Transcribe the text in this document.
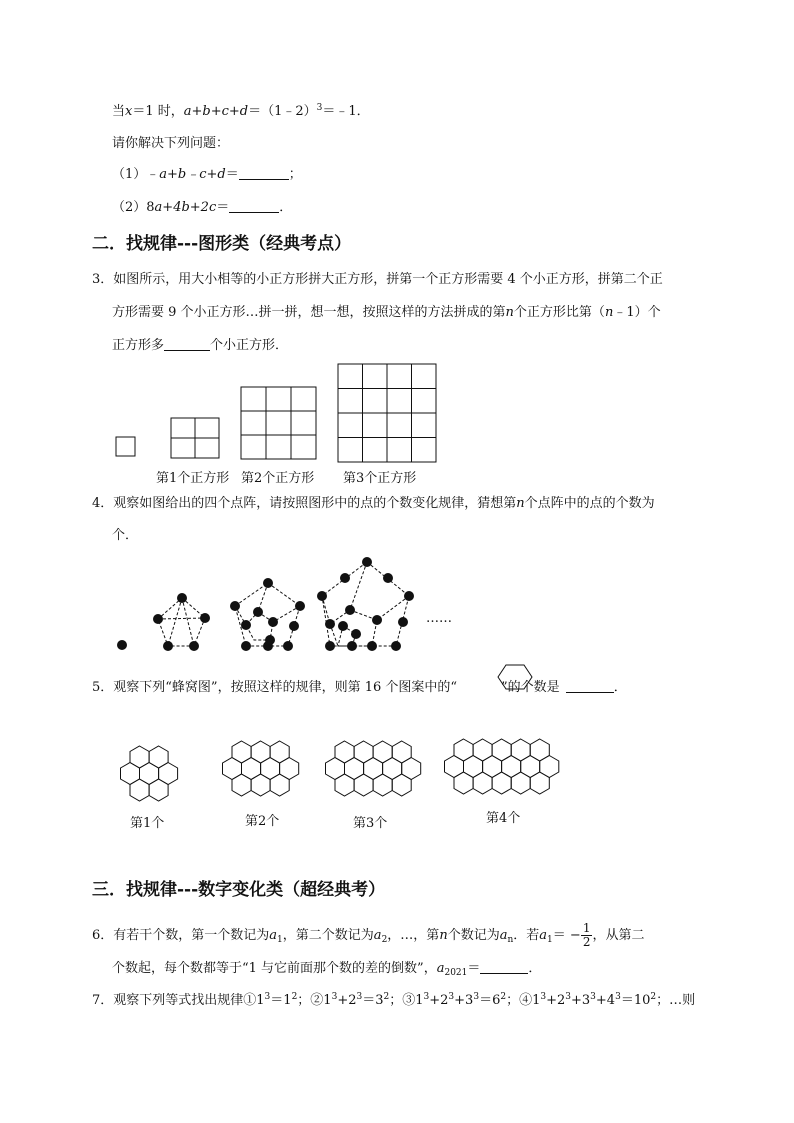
当x＝1 时，a+b+c+d＝（1﹣2）$^3$＝﹣1．
请你解决下列问题：
（1）﹣a+b﹣c+d＝	；
（2）8a+4b+2c＝	．
二．找规律---图形类（经典考点）
3．如图所示，用大小相等的小正方形拼大正方形，拼第一个正方形需要 4 个小正方形，拼第二个正
方形需要 9 个小正方形…拼一拼，想一想，按照这样的方法拼成的第n个正方形比第（n﹣1）个
正方形多	个小正方形．
第1个正方形 第2个正方形 第3个正方形
4．观察如图给出的四个点阵，请按照图形中的点的个数变化规律，猜想第n个点阵中的点的个数为
个．
……
5．观察下列“蜂窝图”，按照这样的规律，则第 16 个图案中的“	”的个数是	．
第1个	第2个	第3个	第4个
三．找规律---数字变化类（超经典考）
6．有若干个数，第一个数记为$a_1$，第二个数记为$a_2$，…，第n个数记为$a_n$．若$a_1= - \frac{1}{2}$ ，从第二
个数起，每个数都等于“1 与它前面那个数的差的倒数”，$a_{2021}=$	．
7．观察下列等式找出规律$①1^3=1^2$；$②1^3+2^3=3^2$；$③1^3+2^3+3^3=6^2$；$④1^3+2^3+3^3+4^3=10^2$；…则
